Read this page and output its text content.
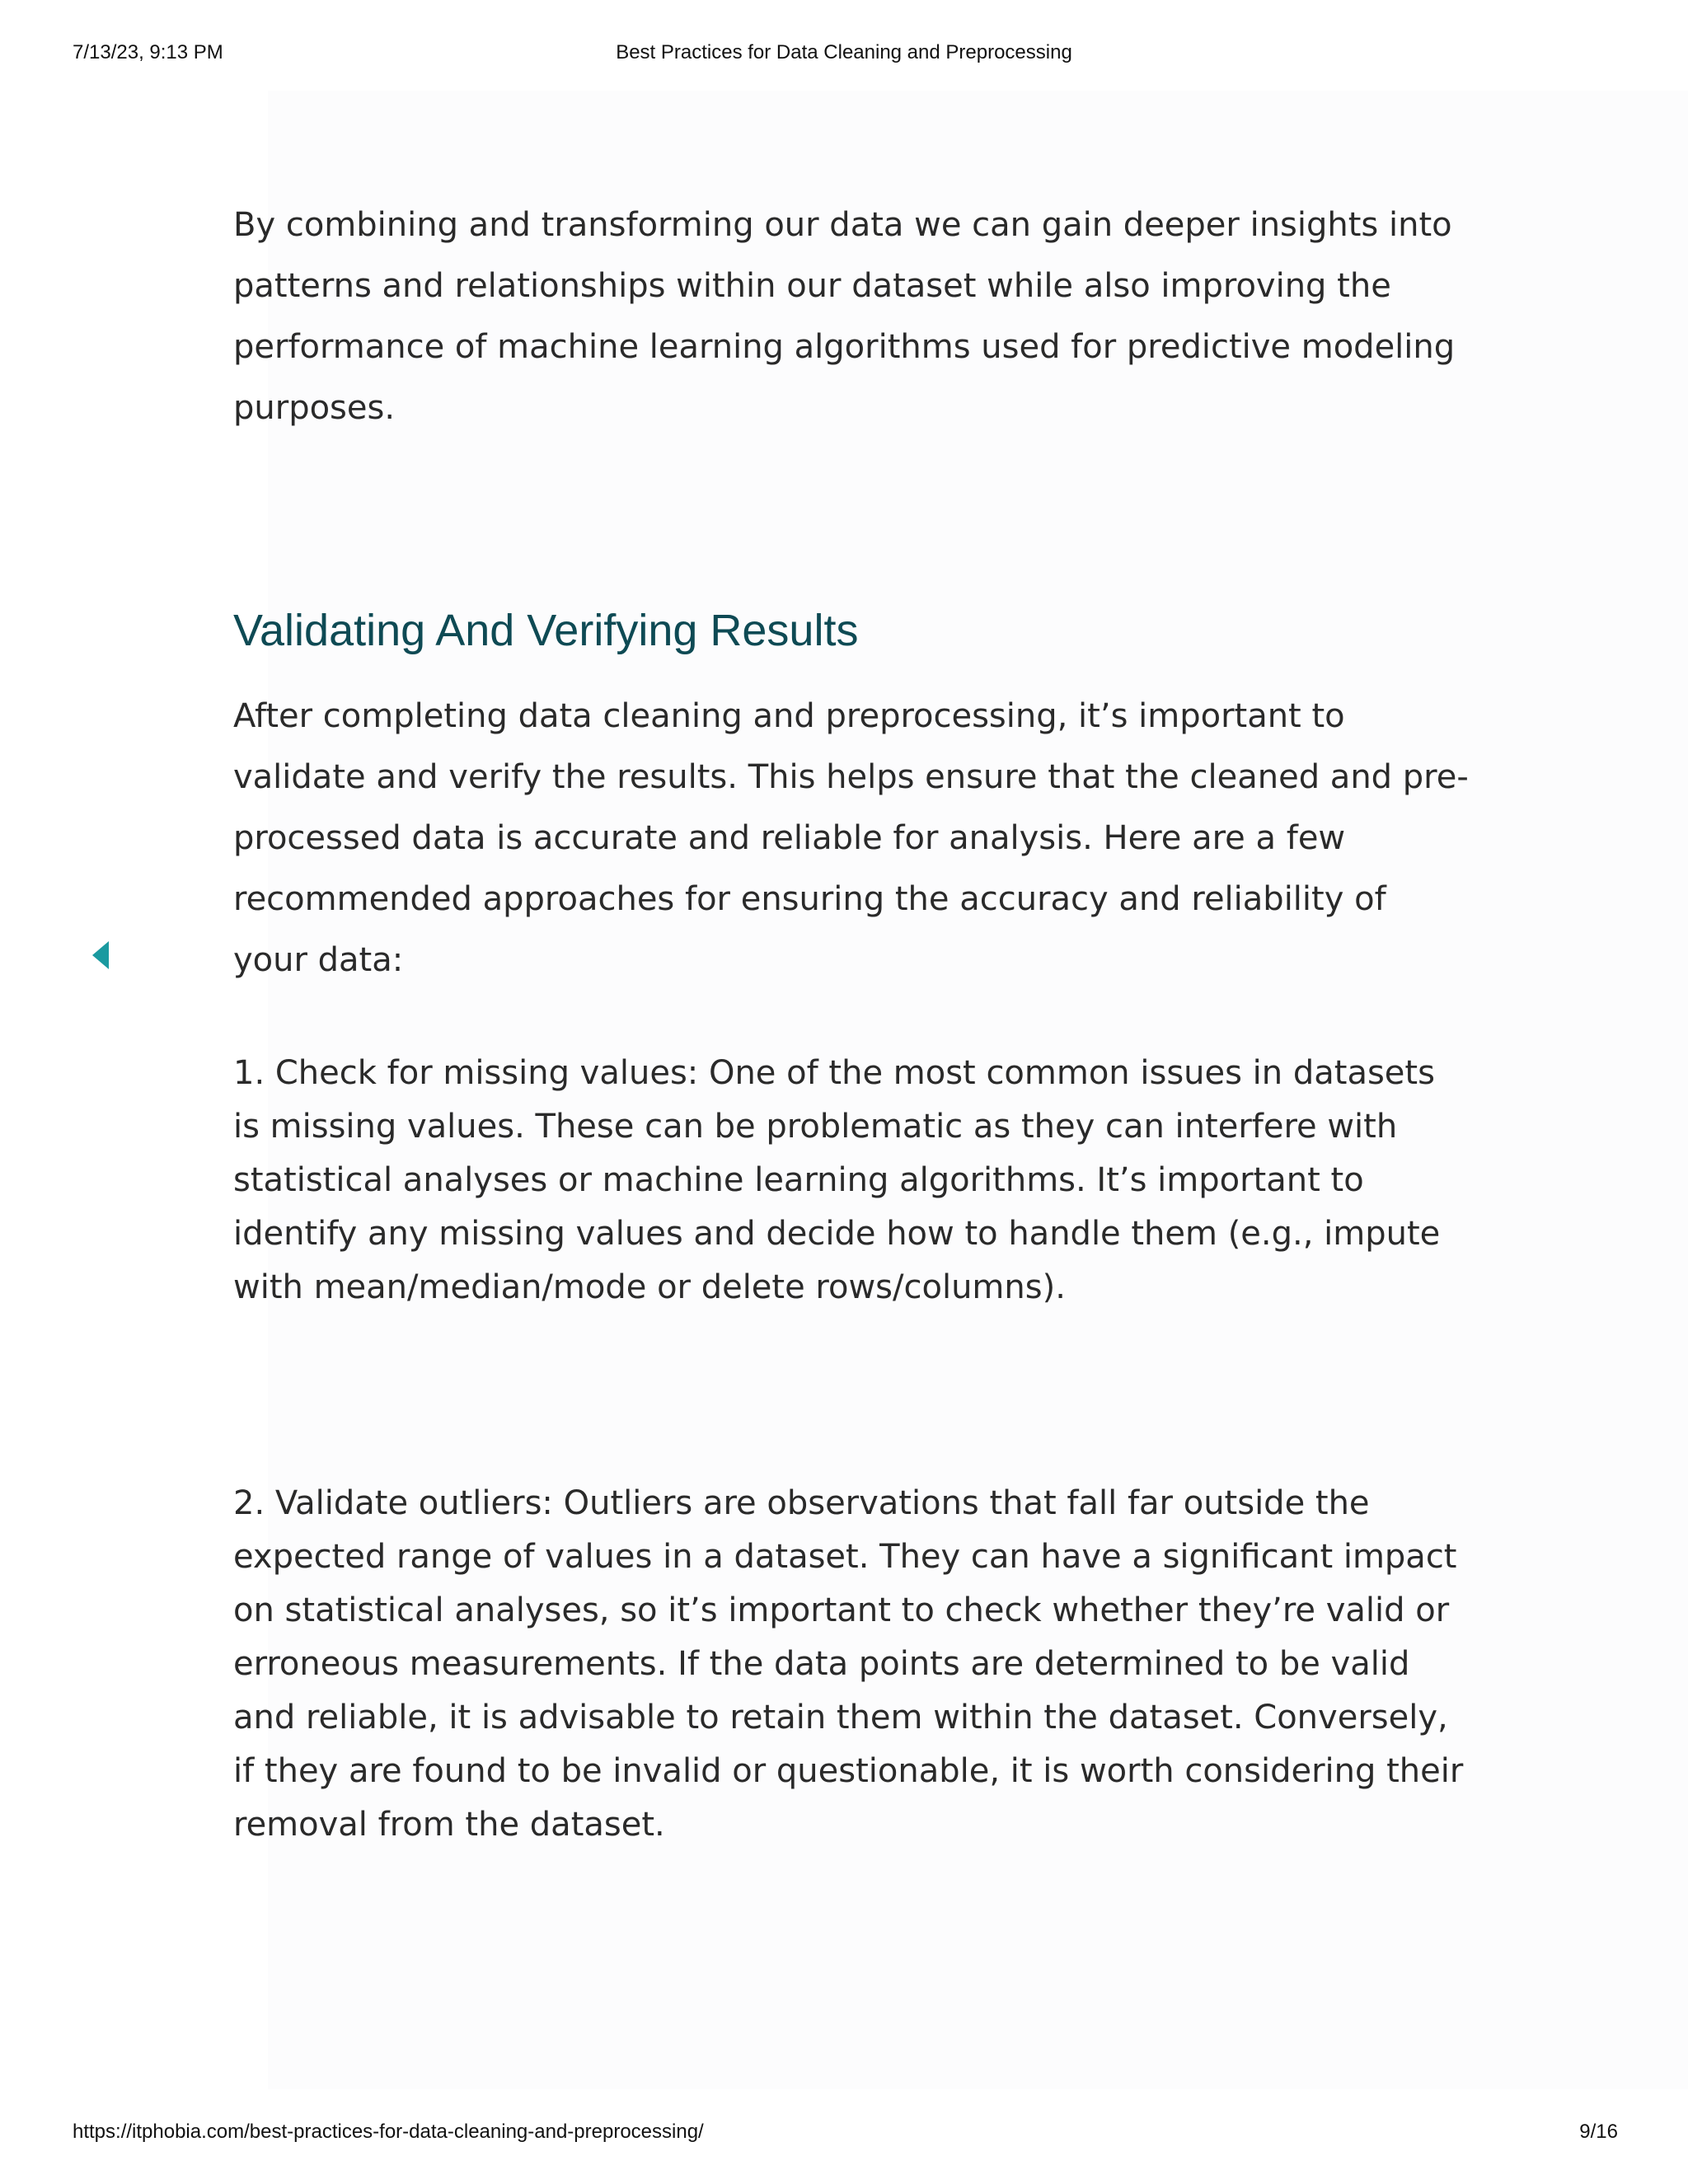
7/13/23, 9:13 PM	Best Practices for Data Cleaning and Preprocessing

By combining and transforming our data we can gain deeper insights into patterns and relationships within our dataset while also improving the performance of machine learning algorithms used for predictive modeling purposes.

Validating And Verifying Results

After completing data cleaning and preprocessing, it’s important to validate and verify the results. This helps ensure that the cleaned and pre-processed data is accurate and reliable for analysis. Here are a few recommended approaches for ensuring the accuracy and reliability of your data:

1. Check for missing values: One of the most common issues in datasets is missing values. These can be problematic as they can interfere with statistical analyses or machine learning algorithms. It’s important to identify any missing values and decide how to handle them (e.g., impute with mean/median/mode or delete rows/columns).

2. Validate outliers: Outliers are observations that fall far outside the expected range of values in a dataset. They can have a significant impact on statistical analyses, so it’s important to check whether they’re valid or erroneous measurements. If the data points are determined to be valid and reliable, it is advisable to retain them within the dataset. Conversely, if they are found to be invalid or questionable, it is worth considering their removal from the dataset.

https://itphobia.com/best-practices-for-data-cleaning-and-preprocessing/	9/16
